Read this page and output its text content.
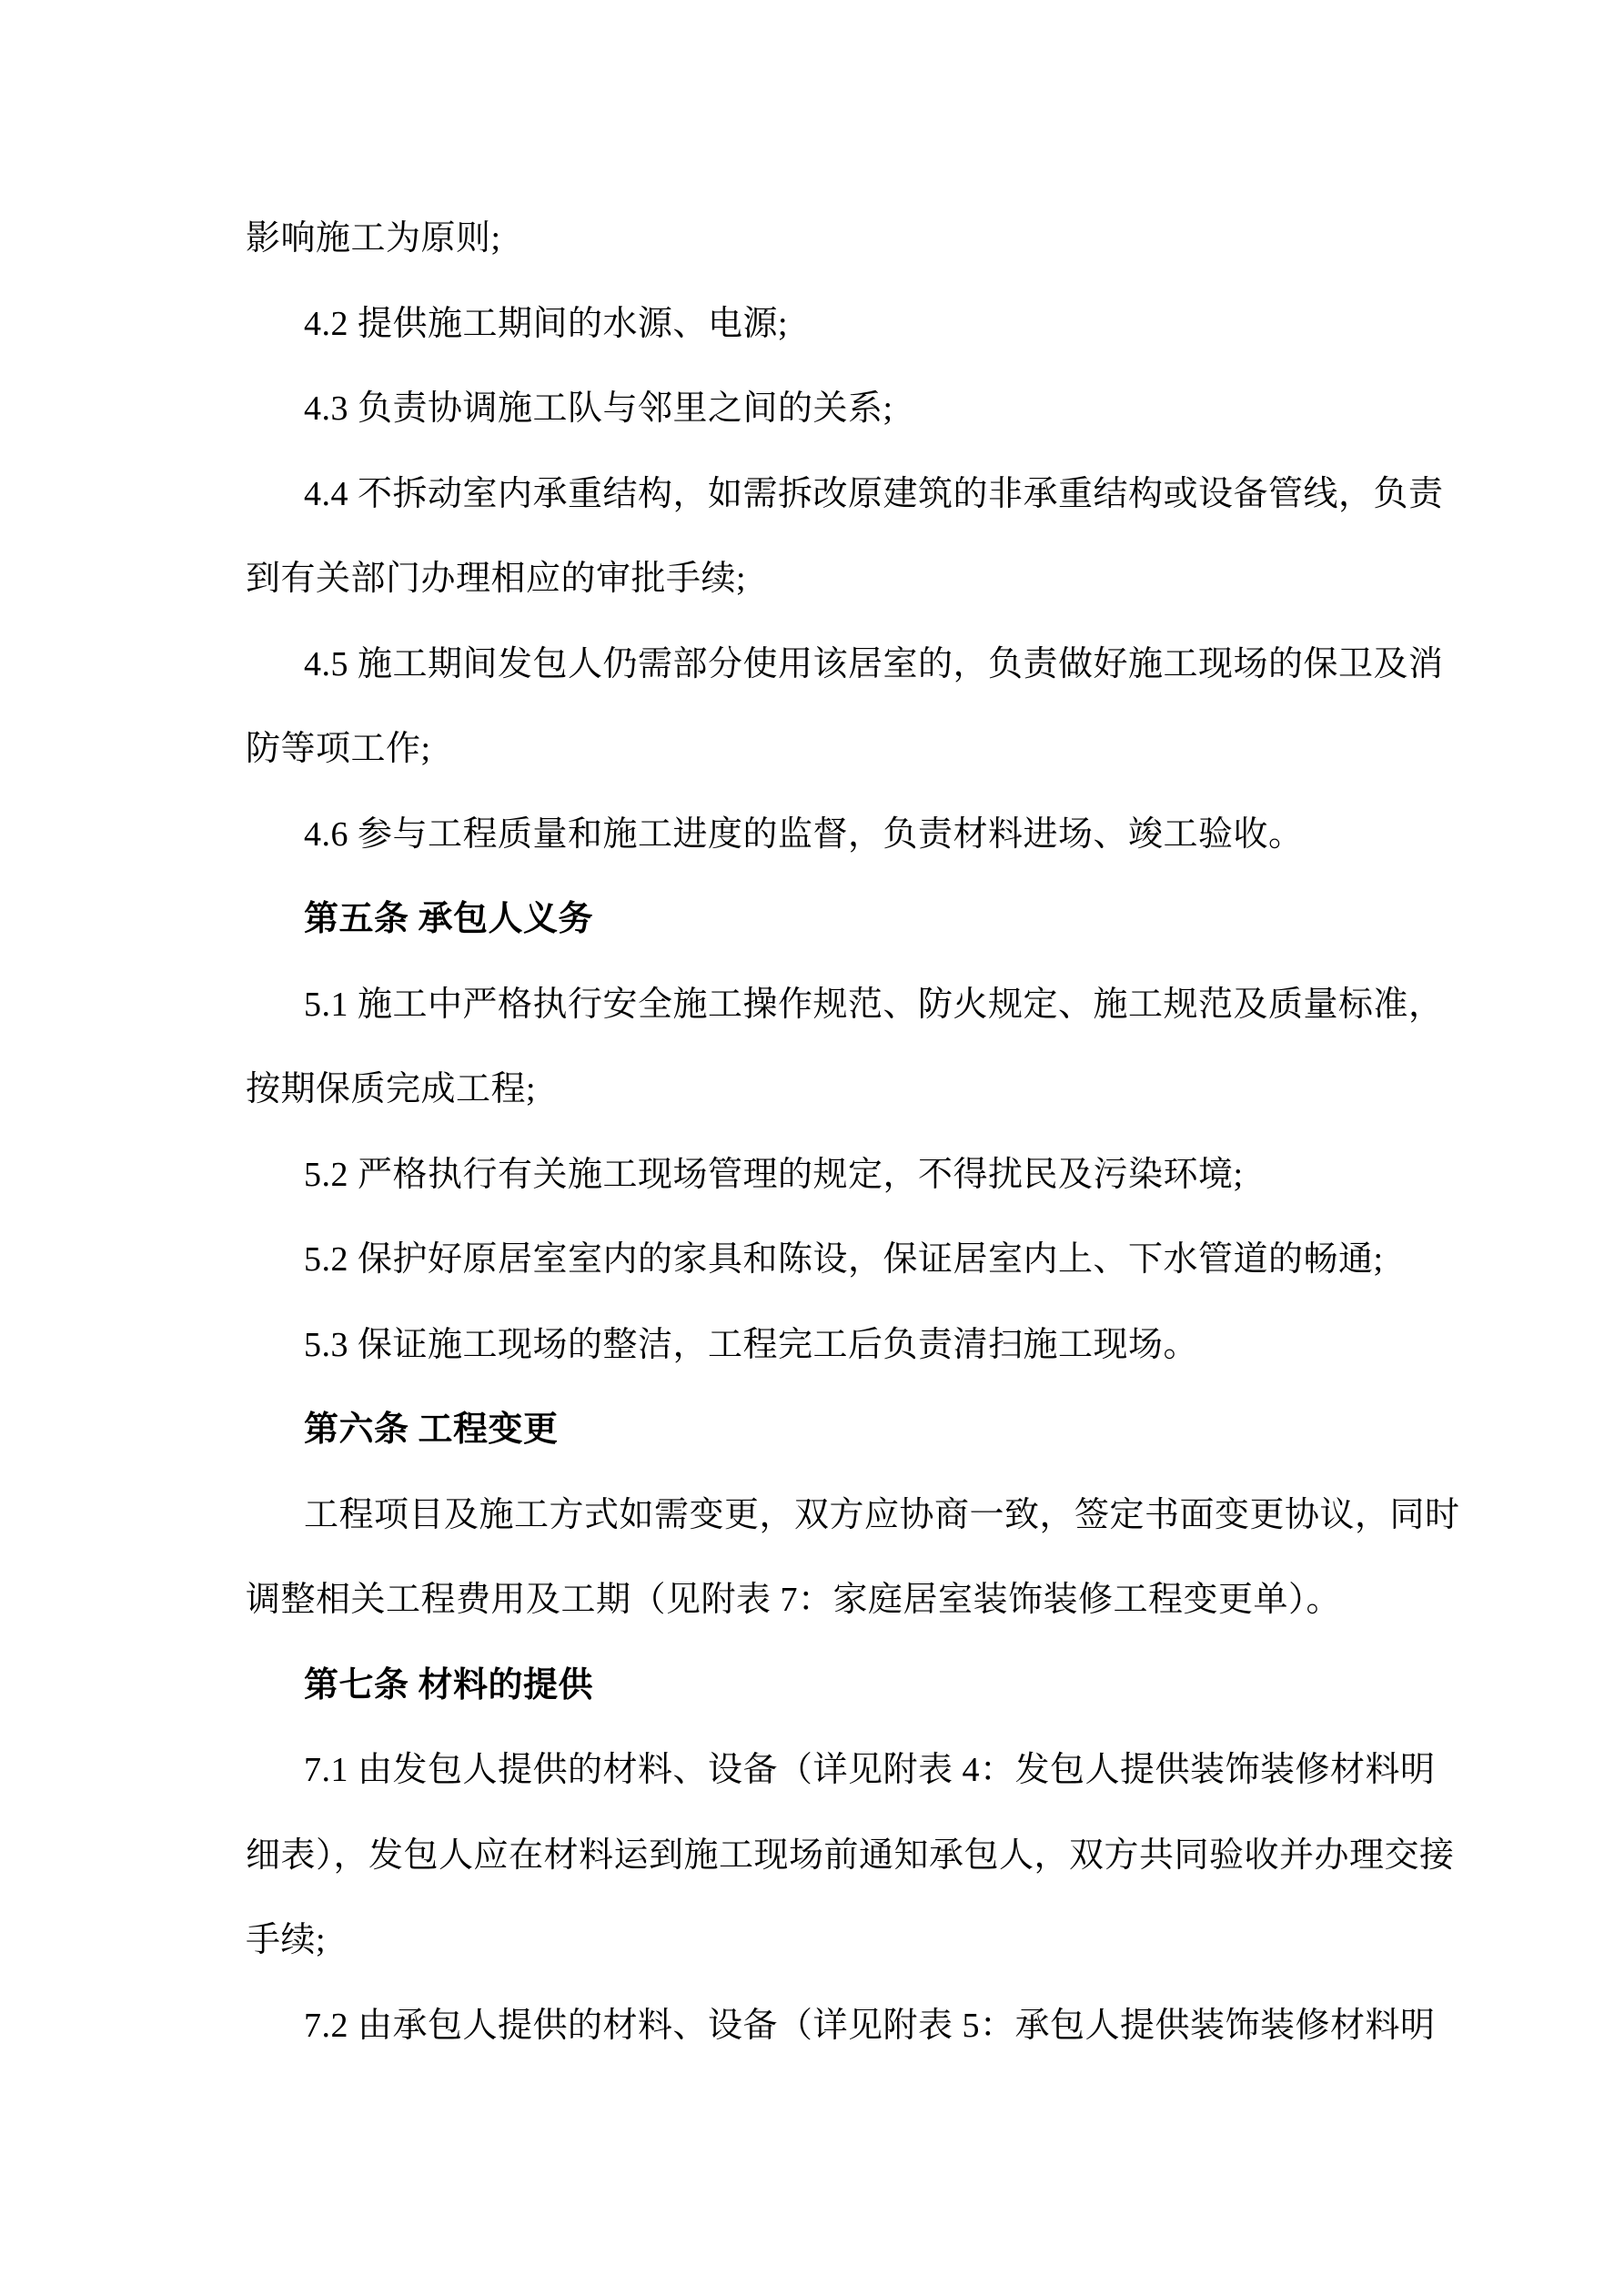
影响施工为原则;
4.2 提供施工期间的水源、电源;
4.3 负责协调施工队与邻里之间的关系;
4.4 不拆动室内承重结构，如需拆改原建筑的非承重结构或设备管线，负责
到有关部门办理相应的审批手续;
4.5 施工期间发包人仍需部分使用该居室的，负责做好施工现场的保卫及消
防等项工作;
4.6 参与工程质量和施工进度的监督，负责材料进场、竣工验收。
第五条 承包人义务
5.1 施工中严格执行安全施工操作规范、防火规定、施工规范及质量标准，
按期保质完成工程;
5.2 严格执行有关施工现场管理的规定，不得扰民及污染环境;
5.2 保护好原居室室内的家具和陈设，保证居室内上、下水管道的畅通;
5.3 保证施工现场的整洁，工程完工后负责清扫施工现场。
第六条 工程变更
工程项目及施工方式如需变更，双方应协商一致，签定书面变更协议，同时
调整相关工程费用及工期（见附表 7：家庭居室装饰装修工程变更单）。
第七条 材料的提供
7.1 由发包人提供的材料、设备（详见附表 4：发包人提供装饰装修材料明
细表），发包人应在材料运到施工现场前通知承包人，双方共同验收并办理交接
手续;
7.2 由承包人提供的材料、设备（详见附表 5：承包人提供装饰装修材料明
